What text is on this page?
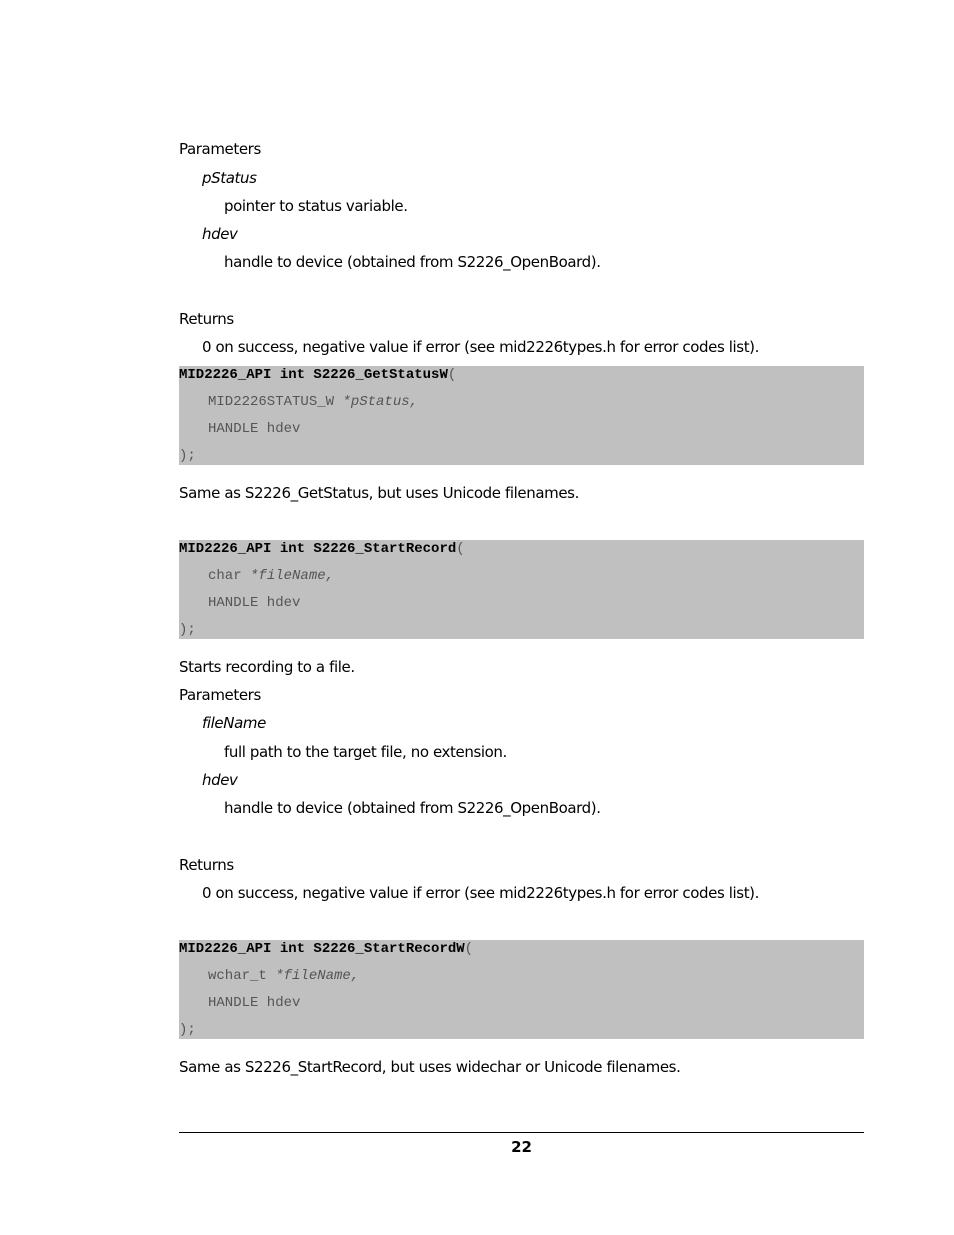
Parameters
pStatus
pointer to status variable.
hdev
handle to device (obtained from S2226_OpenBoard).
Returns
0 on success, negative value if error (see mid2226types.h for error codes list).
MID2226_API int S2226_GetStatusW(
MID2226STATUS_W *pStatus,
HANDLE hdev
);
Same as S2226_GetStatus, but uses Unicode filenames.
MID2226_API int S2226_StartRecord(
char *fileName,
HANDLE hdev
);
Starts recording to a file.
Parameters
fileName
full path to the target file, no extension.
hdev
handle to device (obtained from S2226_OpenBoard).
Returns
0 on success, negative value if error (see mid2226types.h for error codes list).
MID2226_API int S2226_StartRecordW(
wchar_t *fileName,
HANDLE hdev
);
Same as S2226_StartRecord, but uses widechar or Unicode filenames.
22
